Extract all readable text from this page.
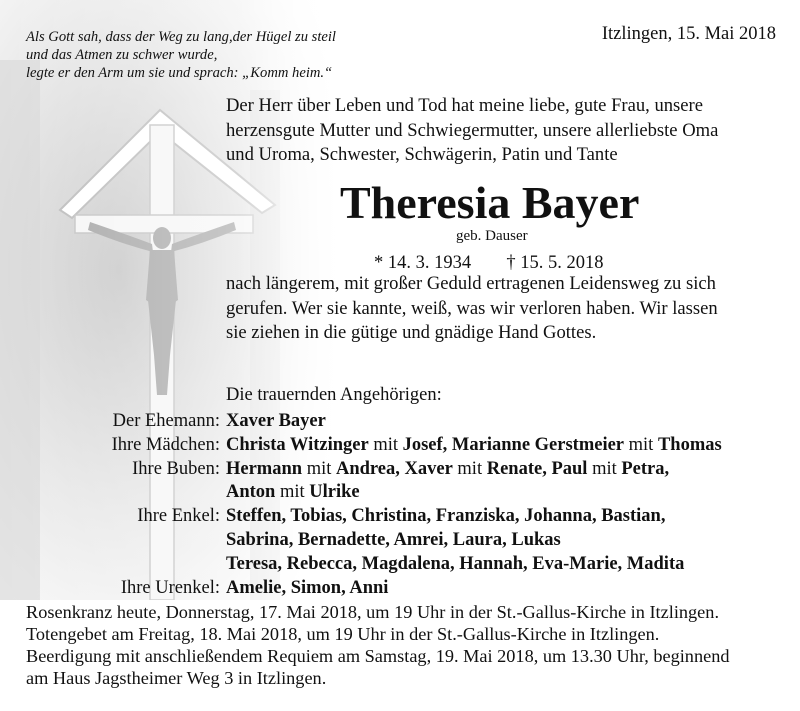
Als Gott sah, dass der Weg zu lang,der Hügel zu steil
und das Atmen zu schwer wurde,
legte er den Arm um sie und sprach: „Komm heim.“
Itzlingen, 15. Mai 2018
Der Herr über Leben und Tod hat meine liebe, gute Frau, unsere
herzensgute Mutter und Schwiegermutter, unsere allerliebste Oma
und Uroma, Schwester, Schwägerin, Patin und Tante
Theresia Bayer
geb. Dauser
* 14. 3. 1934 † 15. 5. 2018
nach längerem, mit großer Geduld ertragenen Leidensweg zu sich
gerufen. Wer sie kannte, weiß, was wir verloren haben. Wir lassen
sie ziehen in die gütige und gnädige Hand Gottes.
Die trauernden Angehörigen:
Der Ehemann: Xaver Bayer
Ihre Mädchen: Christa Witzinger mit Josef, Marianne Gerstmeier mit Thomas
Ihre Buben: Hermann mit Andrea, Xaver mit Renate, Paul mit Petra,
Anton mit Ulrike
Ihre Enkel: Steffen, Tobias, Christina, Franziska, Johanna, Bastian,
Sabrina, Bernadette, Amrei, Laura, Lukas
Teresa, Rebecca, Magdalena, Hannah, Eva-Marie, Madita
Ihre Urenkel: Amelie, Simon, Anni
Rosenkranz heute, Donnerstag, 17. Mai 2018, um 19 Uhr in der St.-Gallus-Kirche in Itzlingen.
Totengebet am Freitag, 18. Mai 2018, um 19 Uhr in der St.-Gallus-Kirche in Itzlingen.
Beerdigung mit anschließendem Requiem am Samstag, 19. Mai 2018, um 13.30 Uhr, beginnend
am Haus Jagstheimer Weg 3 in Itzlingen.
